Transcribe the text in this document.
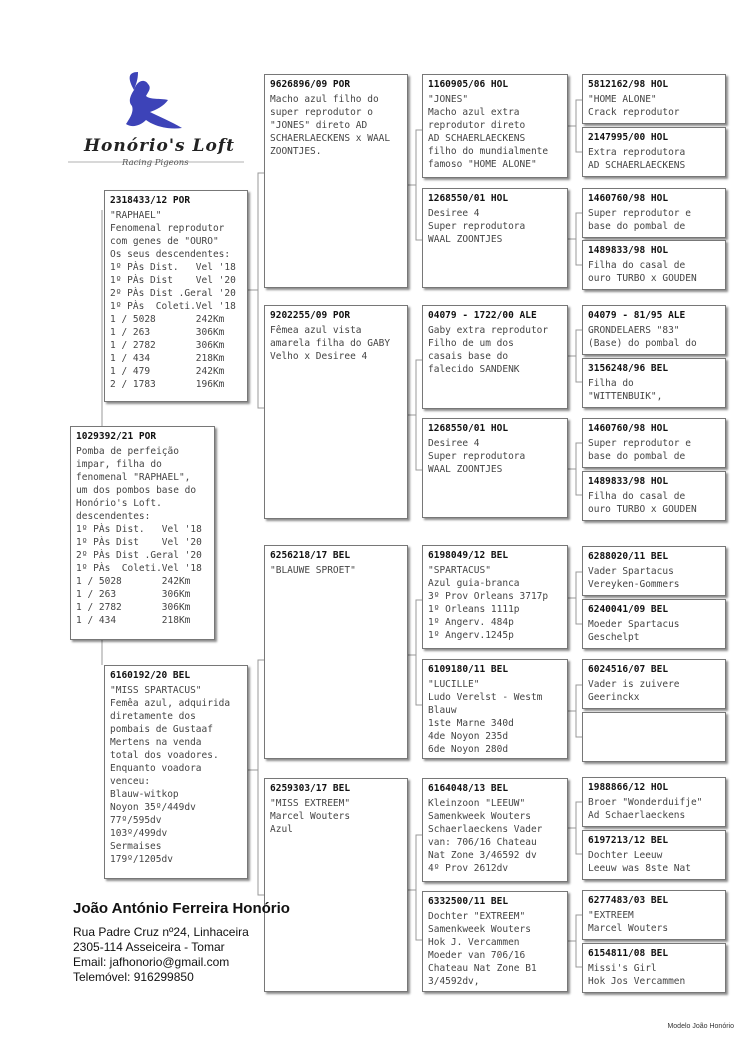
Honório's Loft
Racing Pigeons
2318433/12 POR
"RAPHAEL"
Fenomenal reprodutor
com genes de "OURO"
Os seus descendentes:
1º PÀs Dist.   Vel '18
1º PÀs Dist    Vel '20
2º PÀs Dist .Geral '20
1º PÀs  Coleti.Vel '18
1 / 5028       242Km
1 / 263        306Km
1 / 2782       306Km
1 / 434        218Km
1 / 479        242Km
2 / 1783       196Km
1029392/21 POR
Pomba de perfeição
impar, filha do
fenomenal "RAPHAEL",
um dos pombos base do
Honório's Loft.
descendentes:
1º PÀs Dist.   Vel '18
1º PÀs Dist    Vel '20
2º PÀs Dist .Geral '20
1º PÀs  Coleti.Vel '18
1 / 5028       242Km
1 / 263        306Km
1 / 2782       306Km
1 / 434        218Km
6160192/20 BEL
"MISS SPARTACUS"
Femêa azul, adquirida
diretamente dos
pombais de Gustaaf
Mertens na venda
total dos voadores.
Enquanto voadora
venceu:
Blauw-witkop
Noyon 35º/449dv
77º/595dv
103º/499dv
Sermaises
179º/1205dv
9626896/09 POR
Macho azul filho do
super reprodutor o
"JONES" direto AD
SCHAERLAECKENS x WAAL
ZOONTJES.
9202255/09 POR
Fêmea azul vista
amarela filha do GABY
Velho x Desiree 4
6256218/17 BEL
"BLAUWE SPROET"
6259303/17 BEL
"MISS EXTREEM"
Marcel Wouters
Azul
1160905/06 HOL
"JONES"
Macho azul extra
reprodutor direto
AD SCHAERLAECKENS
filho do mundialmente
famoso "HOME ALONE"
1268550/01 HOL
Desiree 4
Super reprodutora
WAAL ZOONTJES
04079 - 1722/00 ALE
Gaby extra reprodutor
Filho de um dos
casais base do
falecido SANDENK
1268550/01 HOL
Desiree 4
Super reprodutora
WAAL ZOONTJES
6198049/12 BEL
"SPARTACUS"
Azul guia-branca
3º Prov Orleans 3717p
1º Orleans 1111p
1º Angerv. 484p
1º Angerv.1245p
6109180/11 BEL
"LUCILLE"
Ludo Verelst - Westm
Blauw
1ste Marne 340d
4de Noyon 235d
6de Noyon 280d
6164048/13 BEL
Kleinzoon "LEEUW"
Samenkweek Wouters
Schaerlaeckens Vader
van: 706/16 Chateau
Nat Zone 3/46592 dv
4º Prov 2612dv
6332500/11 BEL
Dochter "EXTREEM"
Samenkweek Wouters
Hok J. Vercammen
Moeder van 706/16
Chateau Nat Zone B1
3/4592dv,
5812162/98 HOL
"HOME ALONE"
Crack reprodutor
2147995/00 HOL
Extra reprodutora
AD SCHAERLAECKENS
1460760/98 HOL
Super reprodutor e
base do pombal de
1489833/98 HOL
Filha do casal de
ouro TURBO x GOUDEN
04079 - 81/95 ALE
GRONDELAERS "83"
(Base) do pombal do
3156248/96 BEL
Filha do
"WITTENBUIK",
1460760/98 HOL
Super reprodutor e
base do pombal de
1489833/98 HOL
Filha do casal de
ouro TURBO x GOUDEN
6288020/11 BEL
Vader Spartacus
Vereyken-Gommers
6240041/09 BEL
Moeder Spartacus
Geschelpt
6024516/07 BEL
Vader is zuivere
Geerinckx
1988866/12 HOL
Broer "Wonderduifje"
Ad Schaerlaeckens
6197213/12 BEL
Dochter Leeuw
Leeuw was 8ste Nat
6277483/03 BEL
"EXTREEM
Marcel Wouters
6154811/08 BEL
Missi's Girl
Hok Jos Vercammen
João António Ferreira Honório
Rua Padre Cruz nº24, Linhaceira
2305-114 Asseiceira - Tomar
Email: jafhonorio@gmail.com
Telemóvel: 916299850
Modelo João Honório
